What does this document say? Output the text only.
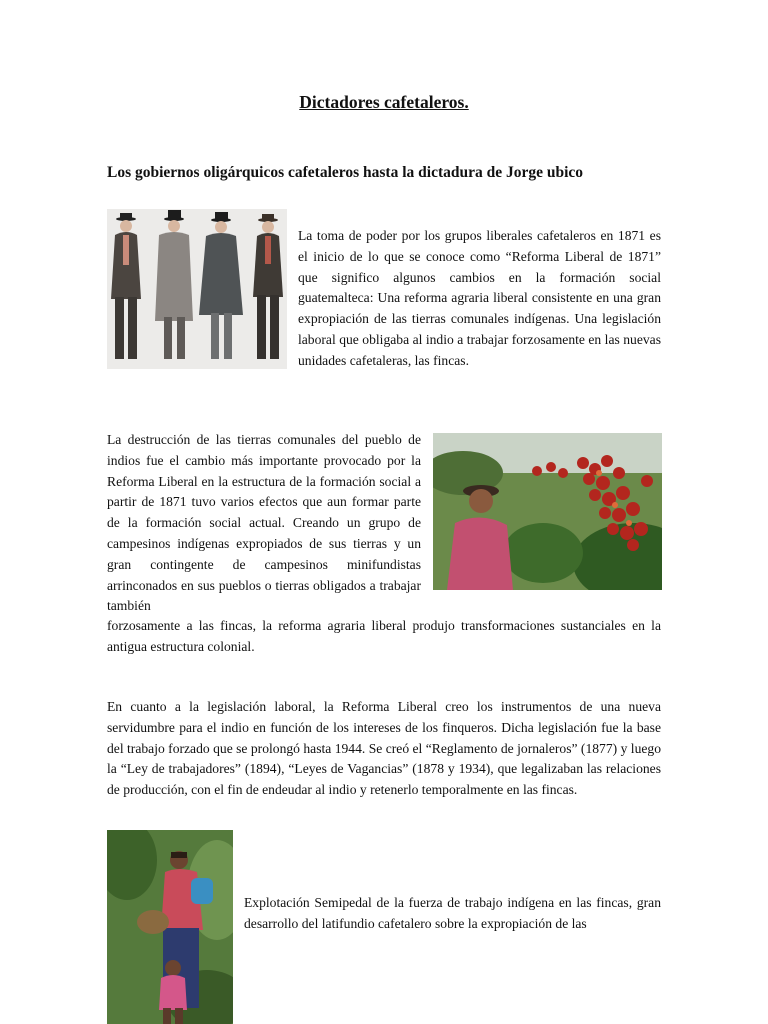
Dictadores cafetaleros.
Los gobiernos oligárquicos cafetaleros hasta la dictadura de Jorge ubico
La toma de poder por los grupos liberales cafetaleros en 1871 es el inicio de lo que se conoce como “Reforma Liberal de 1871” que significo algunos cambios en la formación social guatemalteca: Una reforma agraria liberal consistente en una gran expropiación de las tierras comunales indígenas. Una legislación laboral que obligaba al indio a trabajar forzosamente en las nuevas unidades cafetaleras, las fincas.
La destrucción de las tierras comunales del pueblo de indios fue el cambio más importante provocado por la Reforma Liberal en la estructura de la formación social a partir de 1871 tuvo varios efectos que aun formar parte de la formación social actual. Creando un grupo de campesinos indígenas expropiados de sus tierras y un gran contingente de campesinos minifundistas arrinconados en sus pueblos o tierras obligados a trabajar también
forzosamente a las fincas, la reforma agraria liberal produjo transformaciones sustanciales en la antigua estructura colonial.
En cuanto a la legislación laboral, la Reforma Liberal creo los instrumentos de una nueva servidumbre para el indio en función de los intereses de los finqueros. Dicha legislación fue la base del trabajo forzado que se prolongó hasta 1944. Se creó el “Reglamento de jornaleros” (1877) y luego la “Ley de trabajadores” (1894), “Leyes de Vagancias” (1878 y 1934), que legalizaban las relaciones de producción, con el fin de endeudar al indio y retenerlo temporalmente en las fincas.
Explotación Semipedal de la fuerza de trabajo indígena en las fincas, gran desarrollo del latifundio cafetalero sobre la expropiación de las
